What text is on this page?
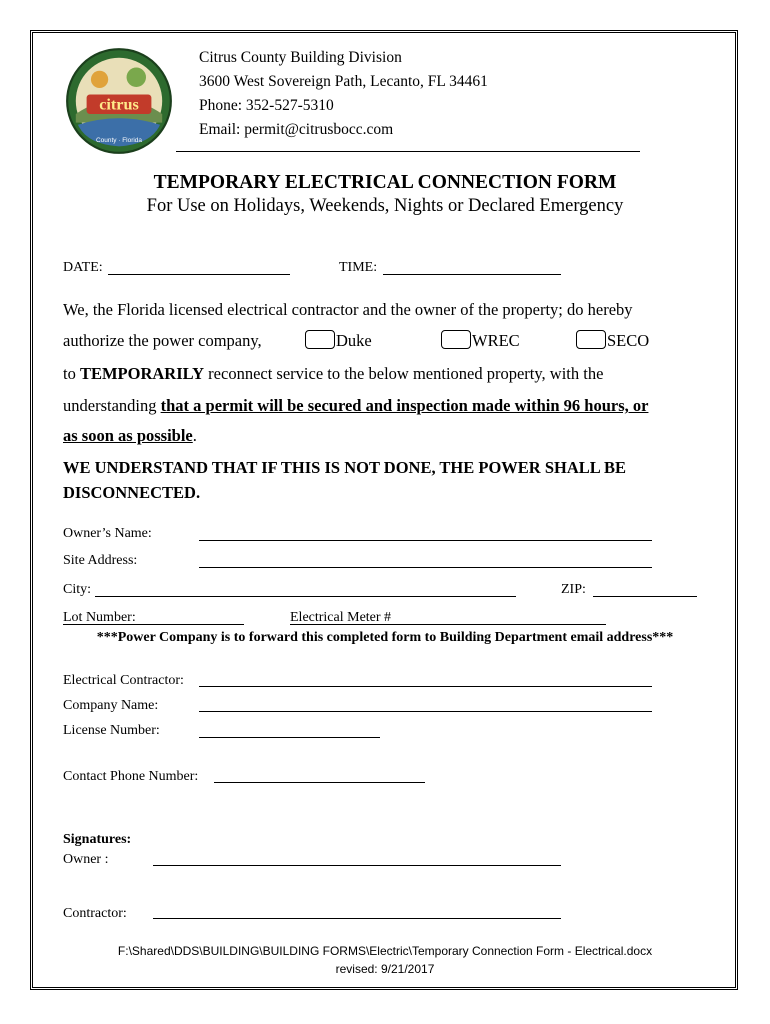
citrus
County · Florida
Citrus County Building Division
3600 West Sovereign Path, Lecanto, FL 34461
Phone: 352-527-5310
Email: permit@citrusbocc.com
TEMPORARY ELECTRICAL CONNECTION FORM
For Use on Holidays, Weekends, Nights or Declared Emergency
DATE:	TIME:
We, the Florida licensed electrical contractor and the owner of the property; do hereby
authorize the power company,	Duke	WREC	SECO
to TEMPORARILY reconnect service to the below mentioned property, with the
understanding that a permit will be secured and inspection made within 96 hours, or
as soon as possible.
WE UNDERSTAND THAT IF THIS IS NOT DONE, THE POWER SHALL BE
DISCONNECTED.
Owner’s Name:
Site Address:
City:	ZIP:
Lot Number:	Electrical Meter #
***Power Company is to forward this completed form to Building Department email address***
Electrical Contractor:
Company Name:
License Number:
Contact Phone Number:
Signatures:
Owner :
Contractor:
F:\Shared\DDS\BUILDING\BUILDING FORMS\Electric\Temporary Connection Form - Electrical.docx
revised: 9/21/2017
